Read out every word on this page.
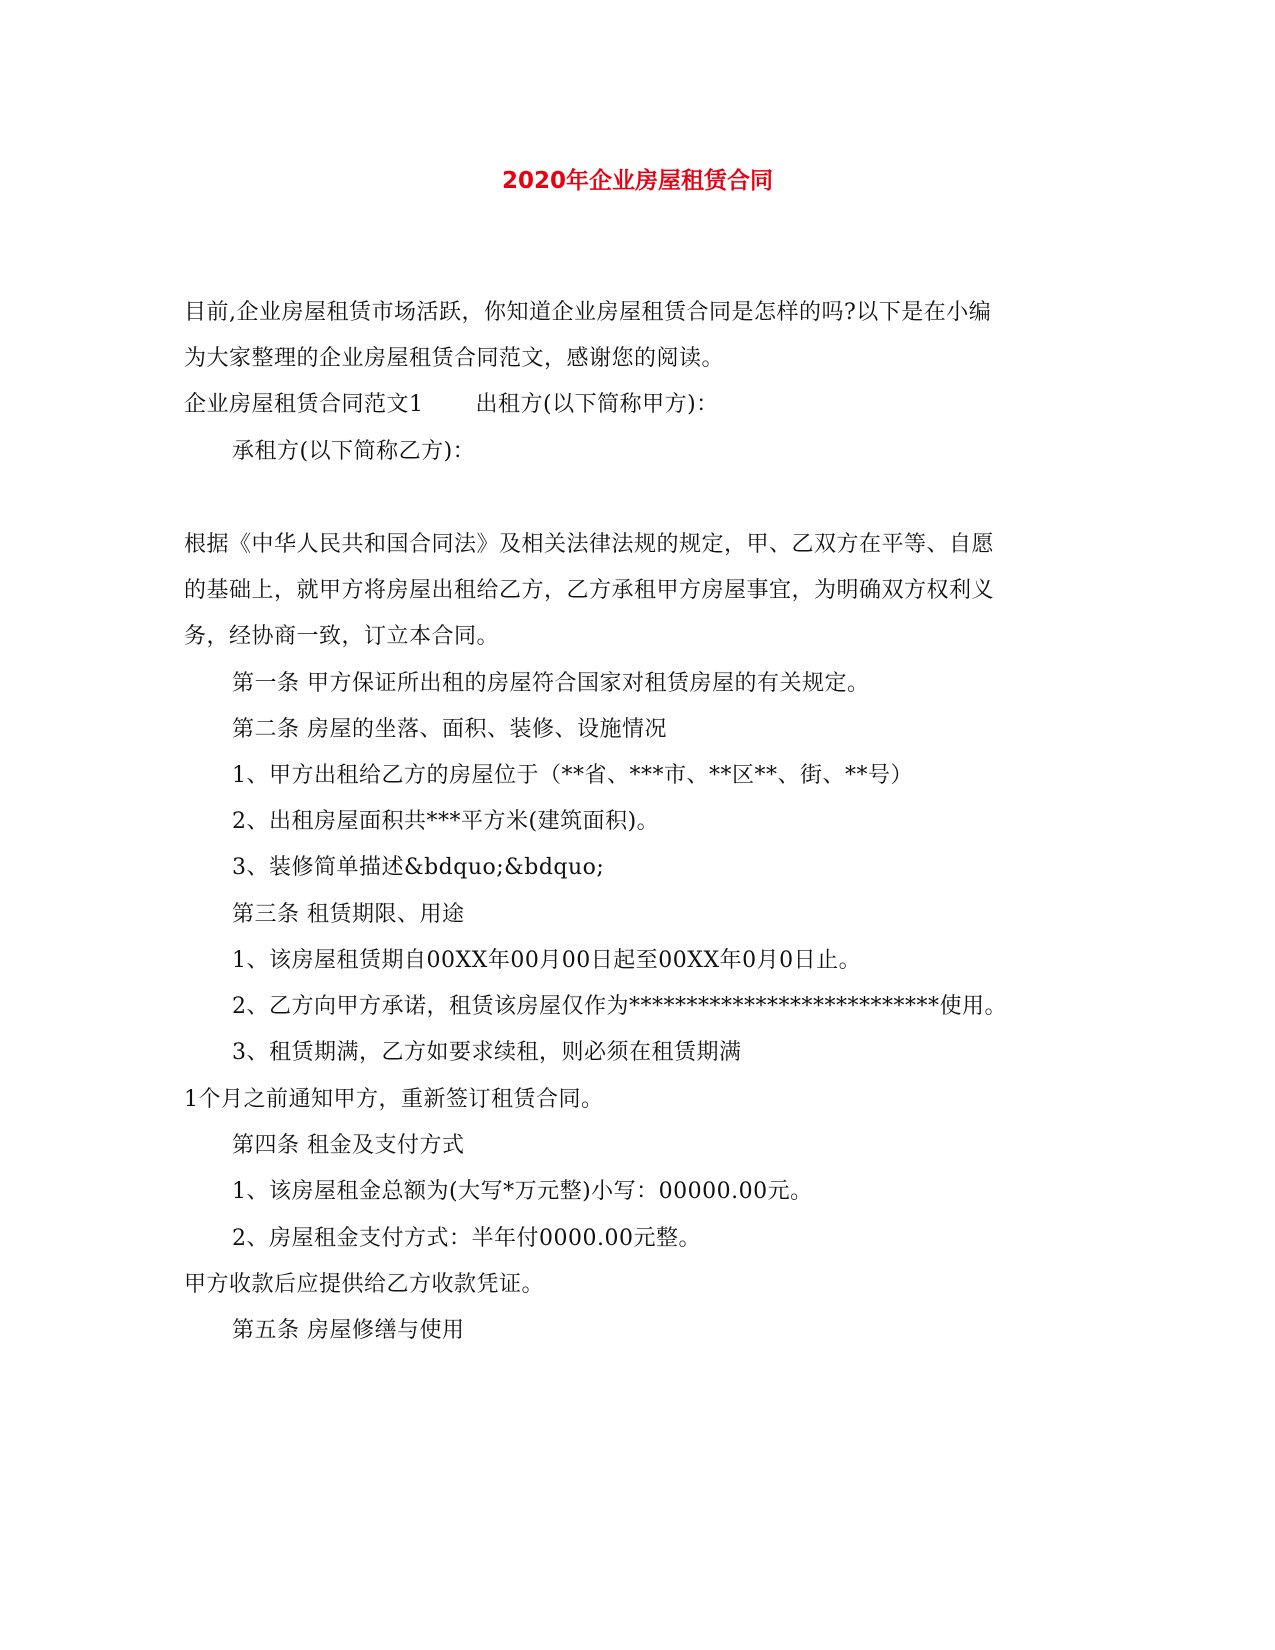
2020年企业房屋租赁合同
目前,企业房屋租赁市场活跃，你知道企业房屋租赁合同是怎样的吗?以下是在小编
为大家整理的企业房屋租赁合同范文，感谢您的阅读。
企业房屋租赁合同范文1 出租方(以下简称甲方)：
承租方(以下简称乙方)：
根据《中华人民共和国合同法》及相关法律法规的规定，甲、乙双方在平等、自愿
的基础上，就甲方将房屋出租给乙方，乙方承租甲方房屋事宜，为明确双方权利义
务，经协商一致，订立本合同。
第一条 甲方保证所出租的房屋符合国家对租赁房屋的有关规定。
第二条 房屋的坐落、面积、装修、设施情况
1、甲方出租给乙方的房屋位于（**省、***市、**区**、街、**号）
2、出租房屋面积共***平方米(建筑面积)。
3、装修简单描述&bdquo;&bdquo;
第三条 租赁期限、用途
1、该房屋租赁期自00XX年00月00日起至00XX年0月0日止。
2、乙方向甲方承诺，租赁该房屋仅作为***************************使用。
3、租赁期满，乙方如要求续租，则必须在租赁期满
1个月之前通知甲方，重新签订租赁合同。
第四条 租金及支付方式
1、该房屋租金总额为(大写*万元整)小写：00000.00元。
2、房屋租金支付方式：半年付0000.00元整。
甲方收款后应提供给乙方收款凭证。
第五条 房屋修缮与使用
